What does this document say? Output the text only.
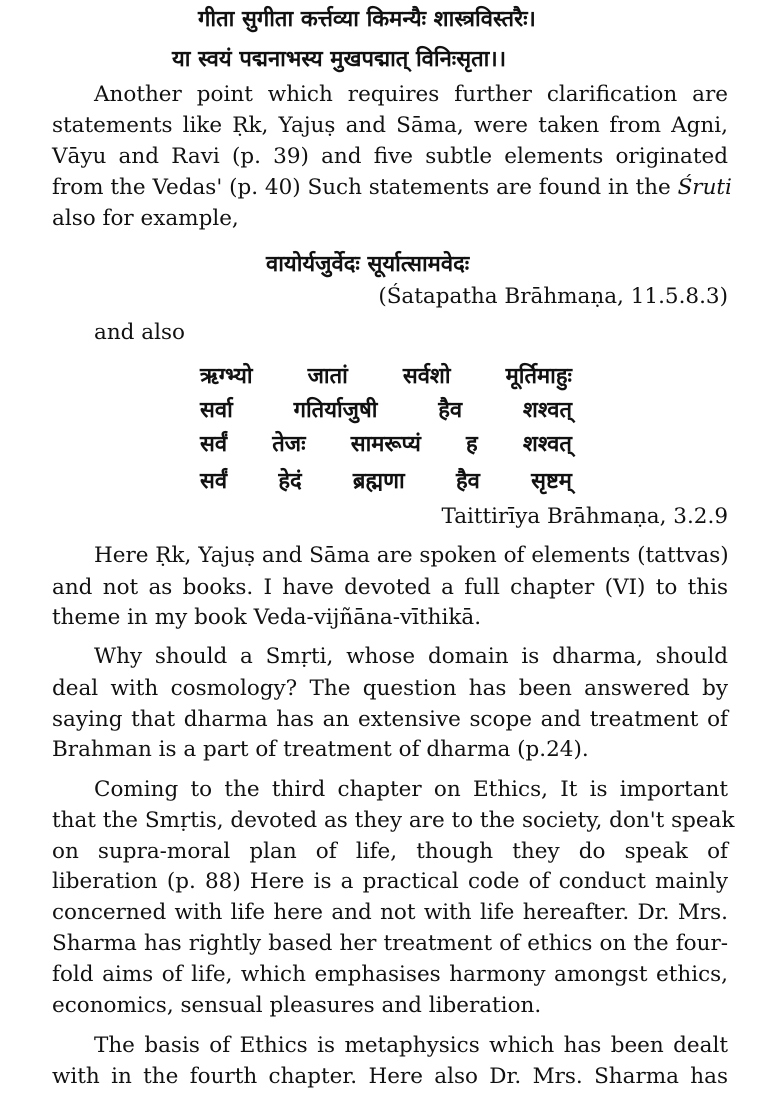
गीता सुगीता कर्त्तव्या किमन्यैः शास्त्रविस्तरैः।
या स्वयं पद्मनाभस्य मुखपद्मात् विनिःसृता।।
Another point which requires further clarification are
statements like Ṛk, Yajuṣ and Sāma, were taken from Agni,
Vāyu and Ravi (p. 39) and five subtle elements originated
from the Vedas' (p. 40) Such statements are found in the Śruti
also for example,
वायोर्यजुर्वेदः सूर्यात्सामवेदः
(Śatapatha Brāhmaṇa, 11.5.8.3)
and also
ऋग्भ्यो	जातां	सर्वशो	मूर्तिमाहुः
सर्वा	गतिर्याजुषी	हैव	शश्वत्
सर्वं तेजः सामरूप्यं ह शश्वत्
सर्वं हेदं ब्रह्मणा हैव सृष्टम्
Taittirīya Brāhmaṇa, 3.2.9
Here Ṛk, Yajuṣ and Sāma are spoken of elements (tattvas)
and not as books. I have devoted a full chapter (VI) to this
theme in my book Veda-vijñāna-vīthikā.
Why should a Smṛti, whose domain is dharma, should
deal with cosmology? The question has been answered by
saying that dharma has an extensive scope and treatment of
Brahman is a part of treatment of dharma (p.24).
Coming to the third chapter on Ethics, It is important
that the Smṛtis, devoted as they are to the society, don't speak
on supra-moral plan of life, though they do speak of
liberation (p. 88) Here is a practical code of conduct mainly
concerned with life here and not with life hereafter. Dr. Mrs.
Sharma has rightly based her treatment of ethics on the four-
fold aims of life, which emphasises harmony amongst ethics,
economics, sensual pleasures and liberation.
The basis of Ethics is metaphysics which has been dealt
with in the fourth chapter. Here also Dr. Mrs. Sharma has
